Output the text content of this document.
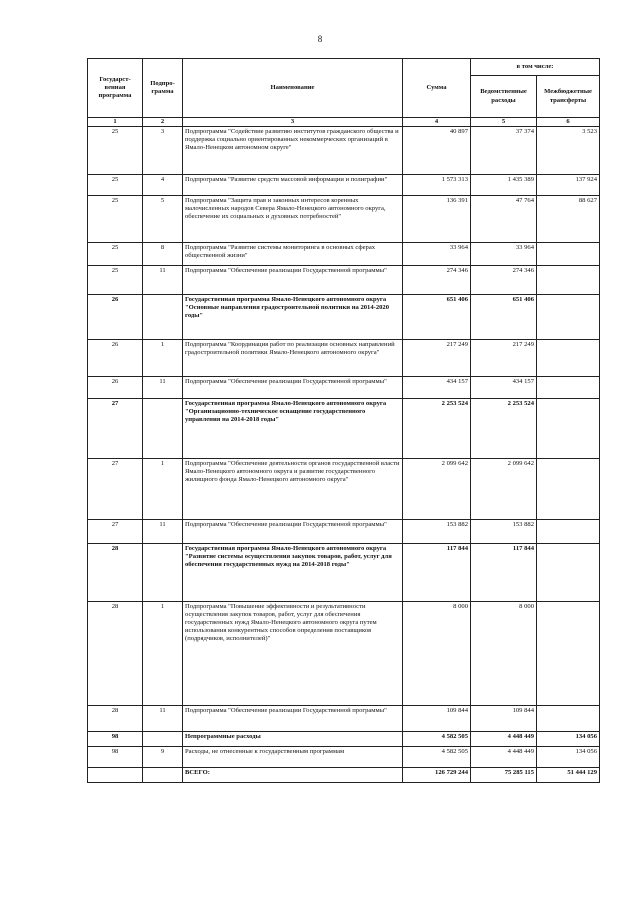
8
Государст-венная программа	Подпро-грамма	Наименование	Сумма	в том числе:	
				Ведомственные расходы	Межбюджетные трансферты
1	2	3	4	5	6
25	3	Подпрограмма "Содействие развитию институтов гражданского общества и поддержка социально ориентированных некоммерческих организаций в Ямало-Ненецком автономном округе"	40 897	37 374	3 523
25	4	Подпрограмма "Развитие средств массовой информации и полиграфии"	1 573 313	1 435 389	137 924
25	5	Подпрограмма "Защита прав и законных интересов коренных малочисленных народов Севера Ямало-Ненецкого автономного округа, обеспечение их социальных и духовных потребностей"	136 391	47 764	88 627
25	8	Подпрограмма "Развитие системы мониторинга в основных сферах общественной жизни"	33 964	33 964	
25	11	Подпрограмма "Обеспечение реализации Государственной программы"	274 346	274 346	
26		Государственная программа Ямало-Ненецкого автономного округа "Основные направления градостроительной политики на 2014-2020 годы"	651 406	651 406	
26	1	Подпрограмма "Координация работ по реализации основных направлений градостроительной политики Ямало-Ненецкого автономного округа"	217 249	217 249	
26	11	Подпрограмма "Обеспечение реализации Государственной программы"	434 157	434 157	
27		Государственная программа Ямало-Ненецкого автономного округа "Организационно-техническое оснащение государственного управления на 2014-2018 годы"	2 253 524	2 253 524	
27	1	Подпрограмма "Обеспечение деятельности органов государственной власти Ямало-Ненецкого автономного округа и развитие государственного жилищного фонда Ямало-Ненецкого автономного округа"	2 099 642	2 099 642	
27	11	Подпрограмма "Обеспечение реализации Государственной программы"	153 882	153 882	
28		Государственная программа Ямало-Ненецкого автономного округа "Развитие системы осуществления закупок товаров, работ, услуг для обеспечения государственных нужд на 2014-2018 годы"	117 844	117 844	
28	1	Подпрограмма "Повышение эффективности и результативности осуществления закупок товаров, работ, услуг для обеспечения государственных нужд Ямало-Ненецкого автономного округа путем использования конкурентных способов определения поставщиков (подрядчиков, исполнителей)"	8 000	8 000	
28	11	Подпрограмма "Обеспечение реализации Государственной программы"	109 844	109 844	
98		Непрограммные расходы	4 582 505	4 448 449	134 056
98	9	Расходы, не отнесенные к государственным программам	4 582 505	4 448 449	134 056
		ВСЕГО:	126 729 244	75 285 115	51 444 129
